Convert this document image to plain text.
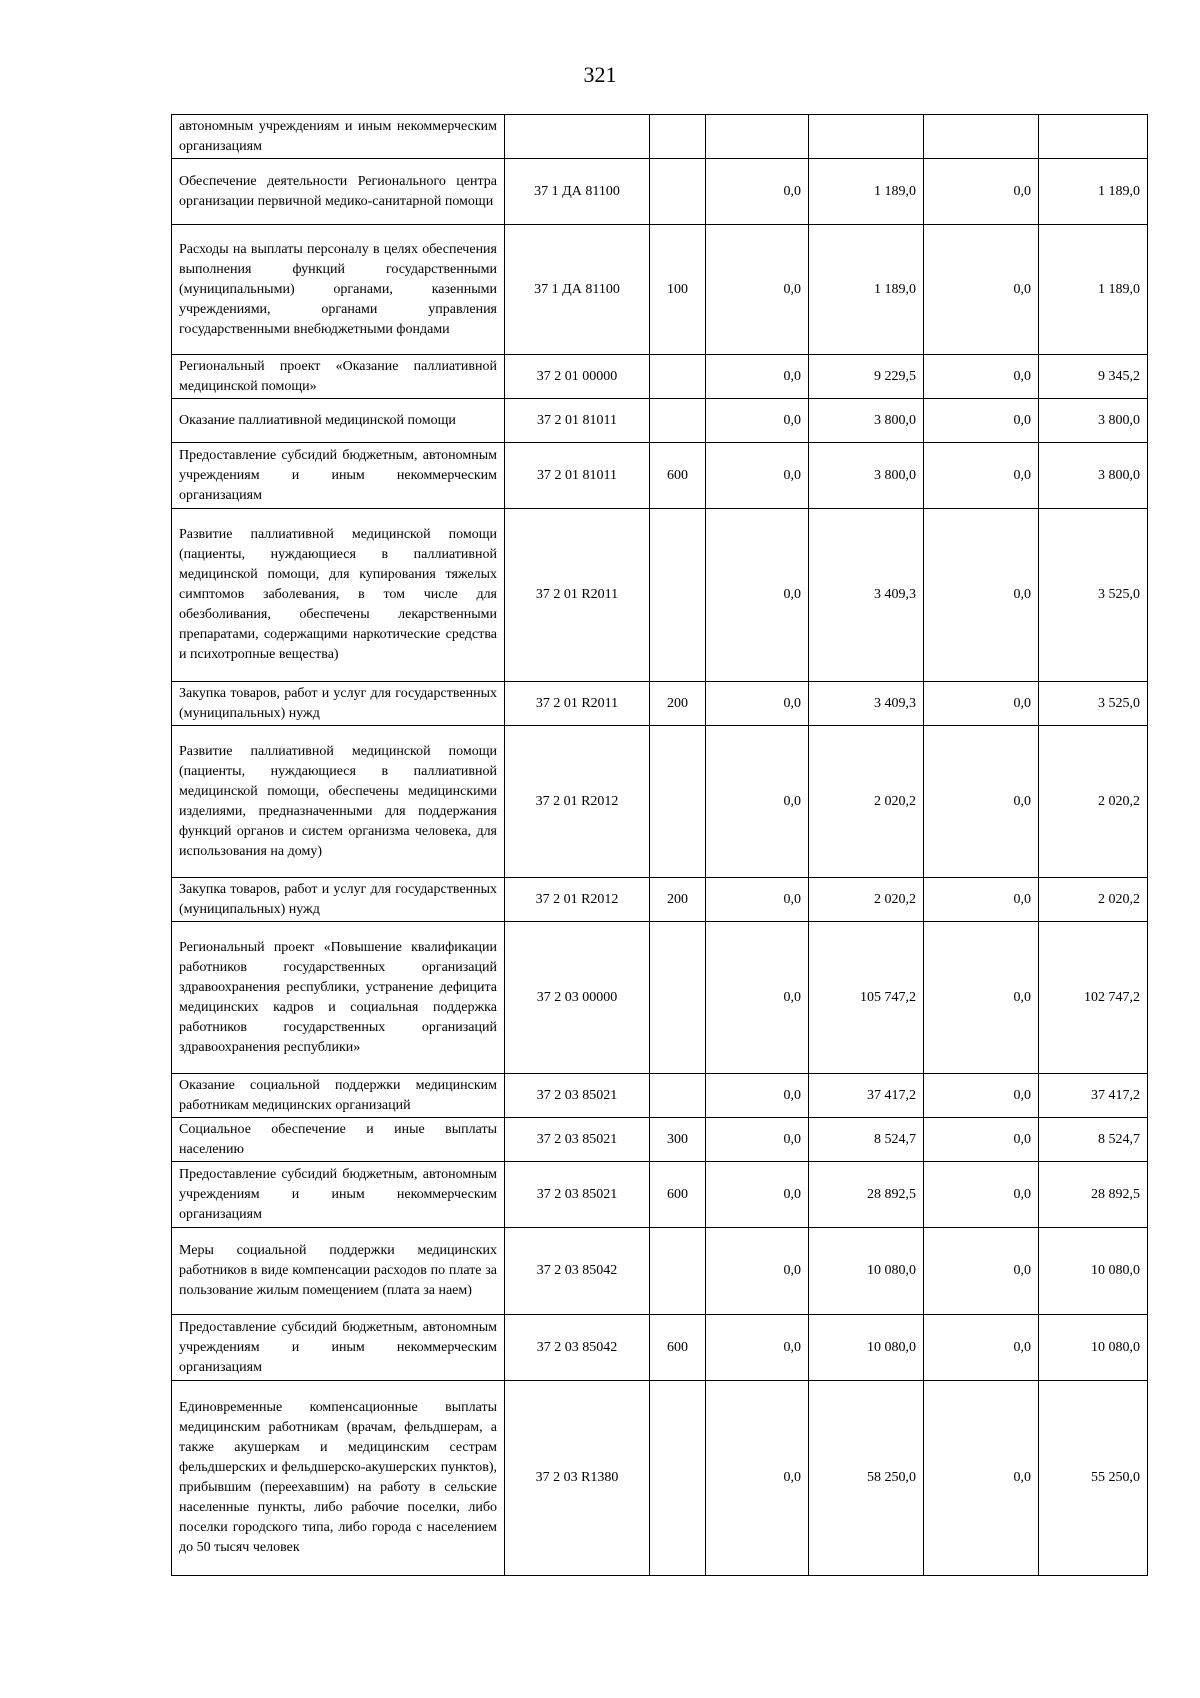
321
автономным учреждениям и иным некоммерческим организациям						
Обеспечение деятельности Регионального центра организации первичной медико-санитарной помощи	37 1 ДА 81100		0,0	1 189,0	0,0	1 189,0
Расходы на выплаты персоналу в целях обеспечения выполнения функций государственными (муниципальными) органами, казенными учреждениями, органами управления государственными внебюджетными фондами	37 1 ДА 81100	100	0,0	1 189,0	0,0	1 189,0
Региональный проект «Оказание паллиативной медицинской помощи»	37 2 01 00000		0,0	9 229,5	0,0	9 345,2
Оказание паллиативной медицинской помощи	37 2 01 81011		0,0	3 800,0	0,0	3 800,0
Предоставление субсидий бюджетным, автономным учреждениям и иным некоммерческим организациям	37 2 01 81011	600	0,0	3 800,0	0,0	3 800,0
Развитие паллиативной медицинской помощи (пациенты, нуждающиеся в паллиативной медицинской помощи, для купирования тяжелых симптомов заболевания, в том числе для обезболивания, обеспечены лекарственными препаратами, содержащими наркотические средства и психотропные вещества)	37 2 01 R2011		0,0	3 409,3	0,0	3 525,0
Закупка товаров, работ и услуг для государственных (муниципальных) нужд	37 2 01 R2011	200	0,0	3 409,3	0,0	3 525,0
Развитие паллиативной медицинской помощи (пациенты, нуждающиеся в паллиативной медицинской помощи, обеспечены медицинскими изделиями, предназначенными для поддержания функций органов и систем организма человека, для использования на дому)	37 2 01 R2012		0,0	2 020,2	0,0	2 020,2
Закупка товаров, работ и услуг для государственных (муниципальных) нужд	37 2 01 R2012	200	0,0	2 020,2	0,0	2 020,2
Региональный проект «Повышение квалификации работников государственных организаций здравоохранения республики, устранение дефицита медицинских кадров и социальная поддержка работников государственных организаций здравоохранения республики»	37 2 03 00000		0,0	105 747,2	0,0	102 747,2
Оказание социальной поддержки медицинским работникам медицинских организаций	37 2 03 85021		0,0	37 417,2	0,0	37 417,2
Социальное обеспечение и иные выплаты населению	37 2 03 85021	300	0,0	8 524,7	0,0	8 524,7
Предоставление субсидий бюджетным, автономным учреждениям и иным некоммерческим организациям	37 2 03 85021	600	0,0	28 892,5	0,0	28 892,5
Меры социальной поддержки медицинских работников в виде компенсации расходов по плате за пользование жилым помещением (плата за наем)	37 2 03 85042		0,0	10 080,0	0,0	10 080,0
Предоставление субсидий бюджетным, автономным учреждениям и иным некоммерческим организациям	37 2 03 85042	600	0,0	10 080,0	0,0	10 080,0
Единовременные компенсационные выплаты медицинским работникам (врачам, фельдшерам, а также акушеркам и медицинским сестрам фельдшерских и фельдшерско-акушерских пунктов), прибывшим (переехавшим) на работу в сельские населенные пункты, либо рабочие поселки, либо поселки городского типа, либо города с населением до 50 тысяч человек	37 2 03 R1380		0,0	58 250,0	0,0	55 250,0
